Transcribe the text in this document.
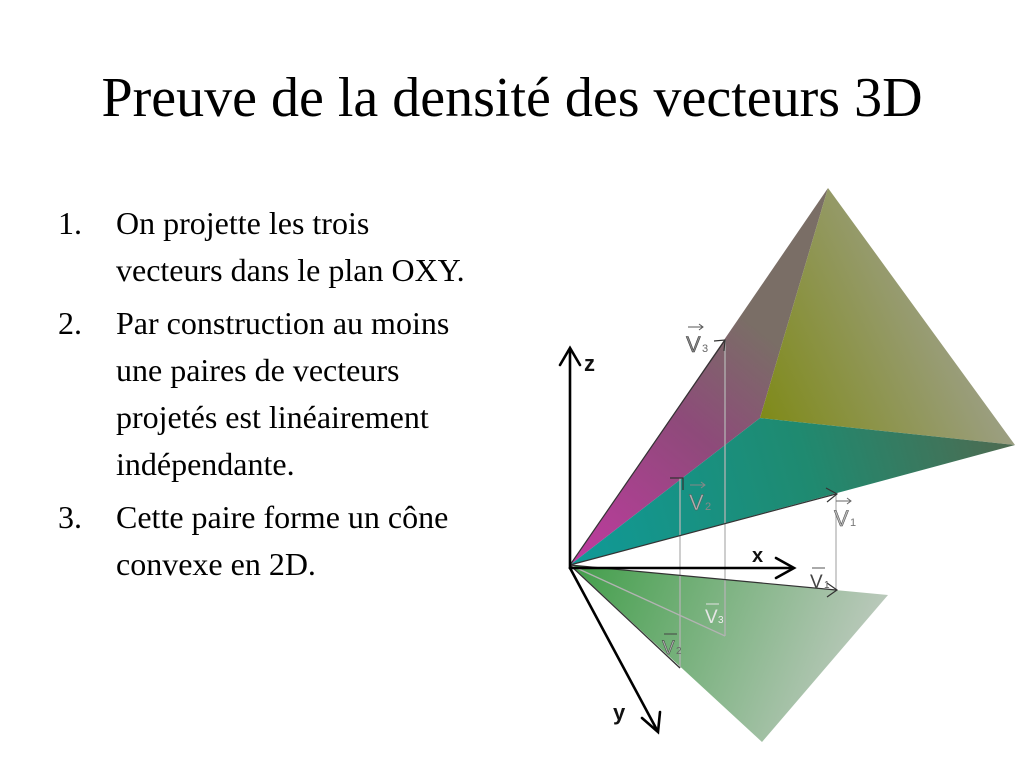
Preuve de la densité des vecteurs 3D
1. On projette les trois vecteurs dans le plan OXY.
2. Par construction au moins une paires de vecteurs projetés est linéairement indépendante.
3. Cette paire forme un cône convexe en 2D.
z
x
y
V 3
V 2	V 1
V 1
V 3
V 2
